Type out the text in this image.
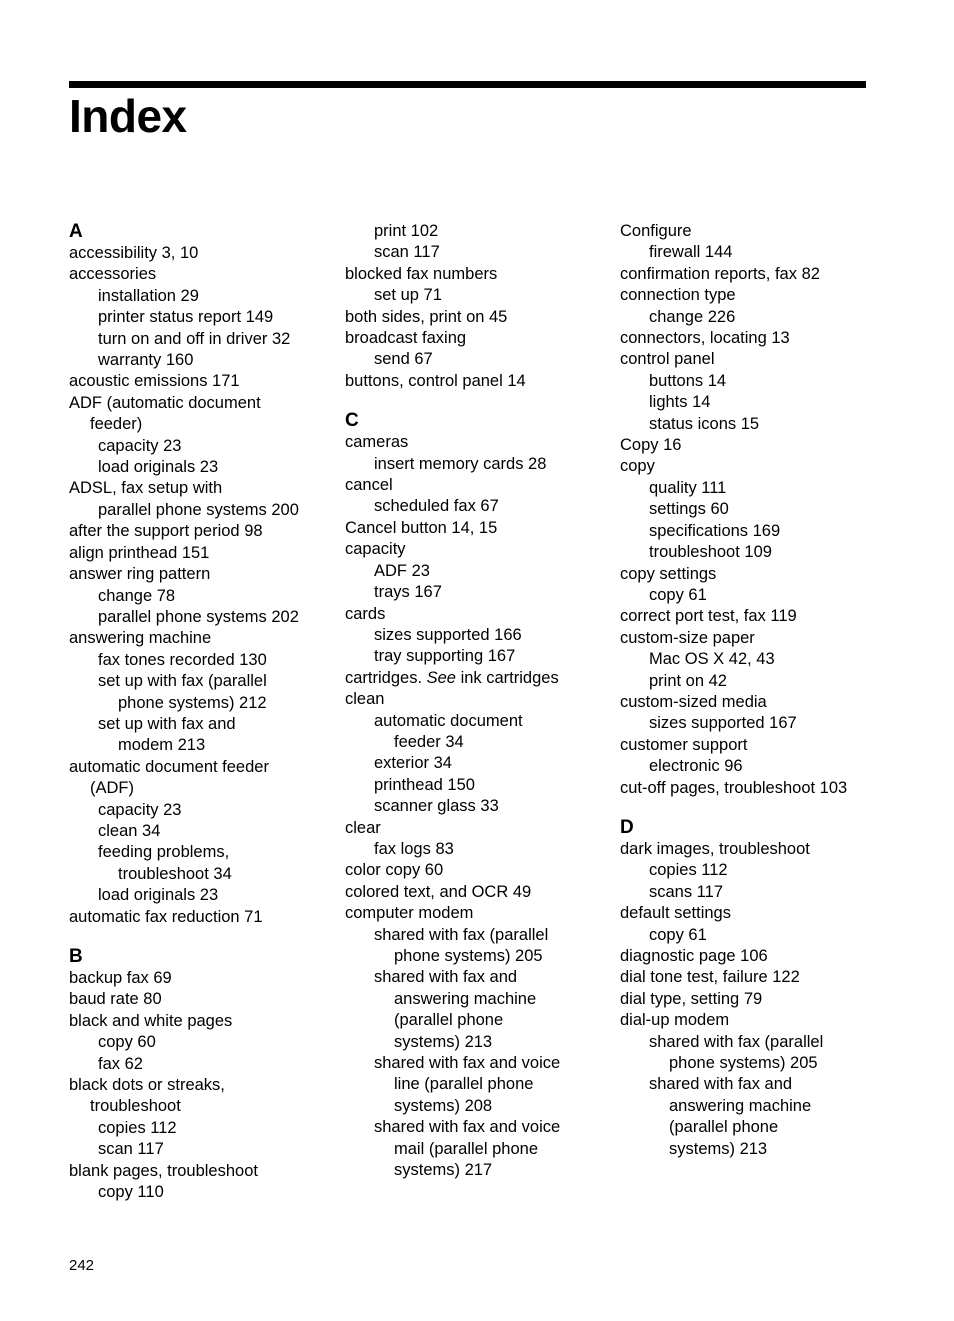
Index
A
accessibility 3, 10
accessories
installation 29
printer status report 149
turn on and off in driver 32
warranty 160
acoustic emissions 171
ADF (automatic document
feeder)
capacity 23
load originals 23
ADSL, fax setup with
parallel phone systems 200
after the support period 98
align printhead 151
answer ring pattern
change 78
parallel phone systems 202
answering machine
fax tones recorded 130
set up with fax (parallel
phone systems) 212
set up with fax and
modem 213
automatic document feeder
(ADF)
capacity 23
clean 34
feeding problems,
troubleshoot 34
load originals 23
automatic fax reduction 71
B
backup fax 69
baud rate 80
black and white pages
copy 60
fax 62
black dots or streaks,
troubleshoot
copies 112
scan 117
blank pages, troubleshoot
copy 110
print 102
scan 117
blocked fax numbers
set up 71
both sides, print on 45
broadcast faxing
send 67
buttons, control panel 14
C
cameras
insert memory cards 28
cancel
scheduled fax 67
Cancel button 14, 15
capacity
ADF 23
trays 167
cards
sizes supported 166
tray supporting 167
cartridges. See ink cartridges
clean
automatic document
feeder 34
exterior 34
printhead 150
scanner glass 33
clear
fax logs 83
color copy 60
colored text, and OCR 49
computer modem
shared with fax (parallel
phone systems) 205
shared with fax and
answering machine
(parallel phone
systems) 213
shared with fax and voice
line (parallel phone
systems) 208
shared with fax and voice
mail (parallel phone
systems) 217
Configure
firewall 144
confirmation reports, fax 82
connection type
change 226
connectors, locating 13
control panel
buttons 14
lights 14
status icons 15
Copy 16
copy
quality 111
settings 60
specifications 169
troubleshoot 109
copy settings
copy 61
correct port test, fax 119
custom-size paper
Mac OS X 42, 43
print on 42
custom-sized media
sizes supported 167
customer support
electronic 96
cut-off pages, troubleshoot 103
D
dark images, troubleshoot
copies 112
scans 117
default settings
copy 61
diagnostic page 106
dial tone test, failure 122
dial type, setting 79
dial-up modem
shared with fax (parallel
phone systems) 205
shared with fax and
answering machine
(parallel phone
systems) 213
242
